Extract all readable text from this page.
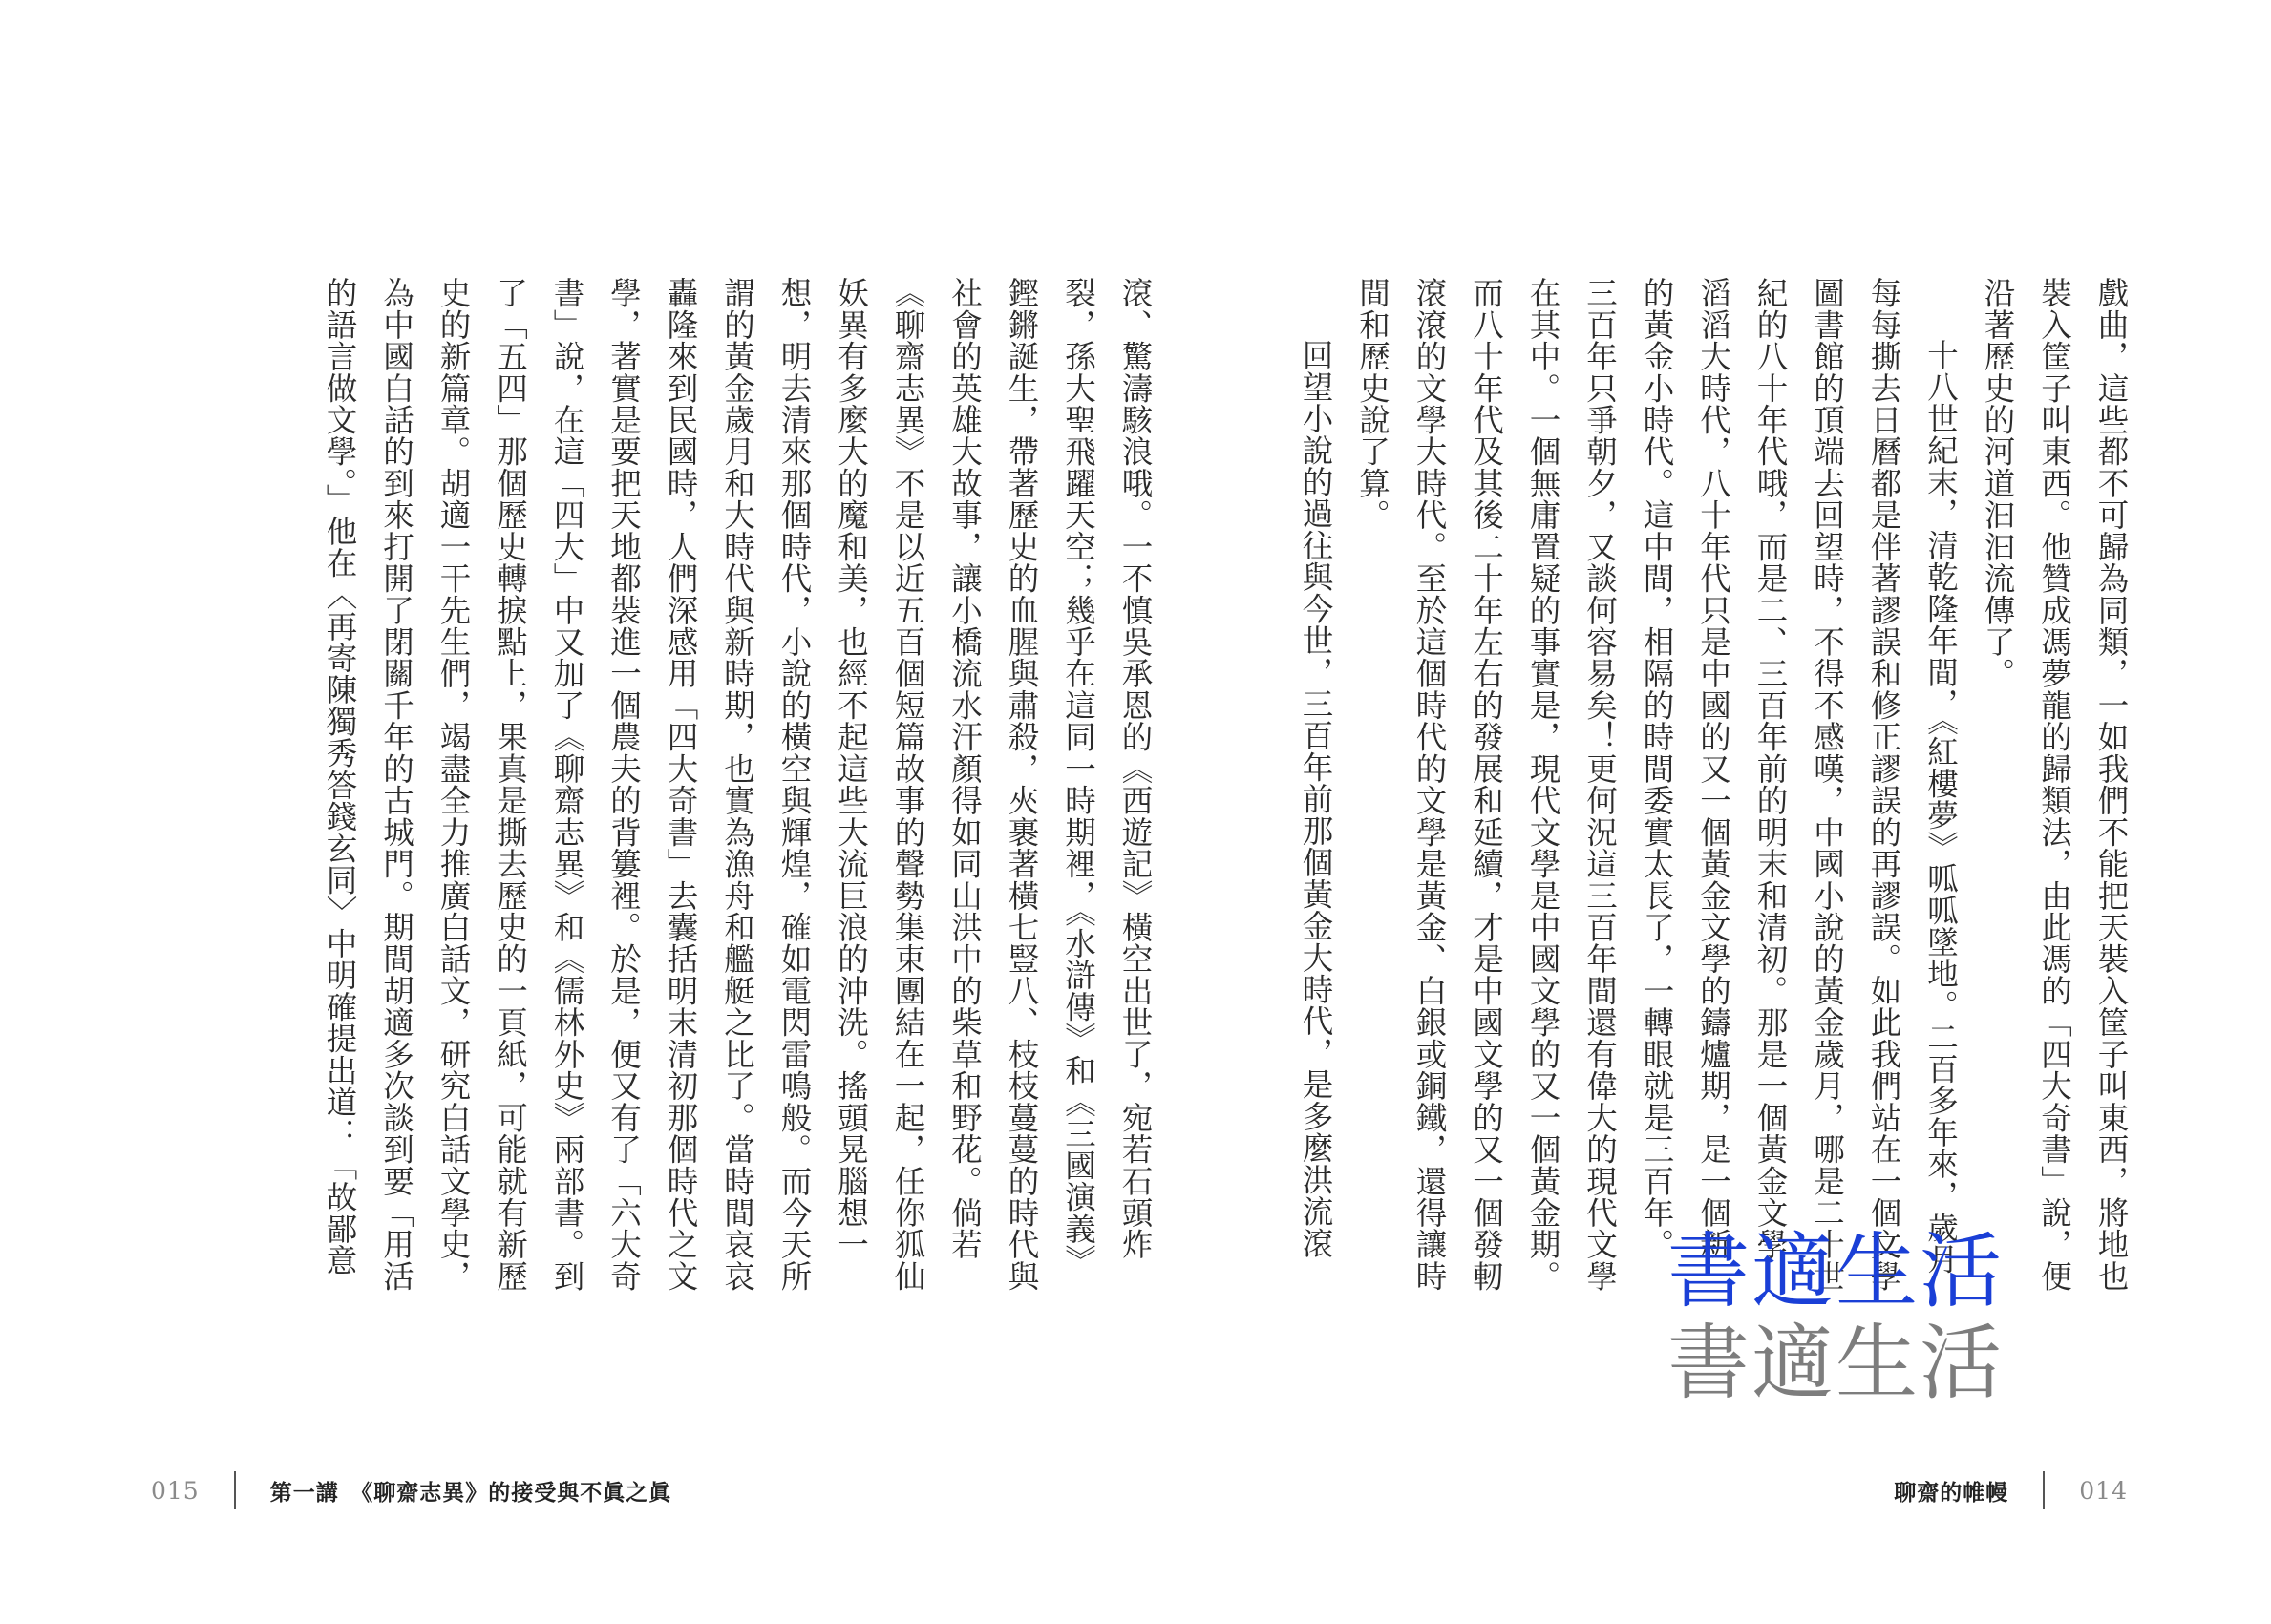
滾、驚濤駭浪哦。一不慎吳承恩的《西遊記》橫空出世了，宛若石頭炸
裂，孫大聖飛躍天空；幾乎在這同一時期裡，《水滸傳》和《三國演義》
鏗鏘誕生，帶著歷史的血腥與肅殺，夾裹著橫七豎八、枝枝蔓蔓的時代與
社會的英雄大故事，讓小橋流水汗顏得如同山洪中的柴草和野花。倘若
《聊齋志異》不是以近五百個短篇故事的聲勢集束團結在一起，任你狐仙
妖異有多麼大的魔和美，也經不起這些大流巨浪的沖洗。搖頭晃腦想一
想，明去清來那個時代，小說的橫空與輝煌，確如電閃雷鳴般。而今天所
謂的黃金歲月和大時代與新時期，也實為漁舟和艦艇之比了。當時間哀哀
轟隆來到民國時，人們深感用「四大奇書」去囊括明末清初那個時代之文
學，著實是要把天地都裝進一個農夫的背簍裡。於是，便又有了「六大奇
書」說，在這「四大」中又加了《聊齋志異》和《儒林外史》兩部書。到
了「五四」那個歷史轉捩點上，果真是撕去歷史的一頁紙，可能就有新歷
史的新篇章。胡適一干先生們，竭盡全力推廣白話文，研究白話文學史，
為中國白話的到來打開了閉關千年的古城門。期間胡適多次談到要「用活
的語言做文學。」他在〈再寄陳獨秀答錢玄同〉中明確提出道：「故鄙意
015	第一講　《聊齋志異》的接受與不眞之眞
戲曲，這些都不可歸為同類，一如我們不能把天裝入筐子叫東西，將地也
裝入筐子叫東西。他贊成馮夢龍的歸類法，由此馮的「四大奇書」說，便
沿著歷史的河道汩汩流傳了。
十八世紀末，清乾隆年間，《紅樓夢》呱呱墜地。二百多年來，歲月
每每撕去日曆都是伴著謬誤和修正謬誤的再謬誤。如此我們站在一個文學
圖書館的頂端去回望時，不得不感嘆，中國小說的黃金歲月，哪是二十世
紀的八十年代哦，而是二、三百年前的明末和清初。那是一個黃金文學
滔滔大時代，八十年代只是中國的又一個黃金文學的鑄爐期，是一個新
的黃金小時代。這中間，相隔的時間委實太長了，一轉眼就是三百年。
三百年只爭朝夕，又談何容易矣！更何況這三百年間還有偉大的現代文學
在其中。一個無庸置疑的事實是，現代文學是中國文學的又一個黃金期。
而八十年代及其後二十年左右的發展和延續，才是中國文學的又一個發軔
滾滾的文學大時代。至於這個時代的文學是黃金、白銀或銅鐵，還得讓時
間和歷史說了算。
回望小說的過往與今世，三百年前那個黃金大時代，是多麼洪流滾
聊齋的帷幔	014
書適生活
書適生活
